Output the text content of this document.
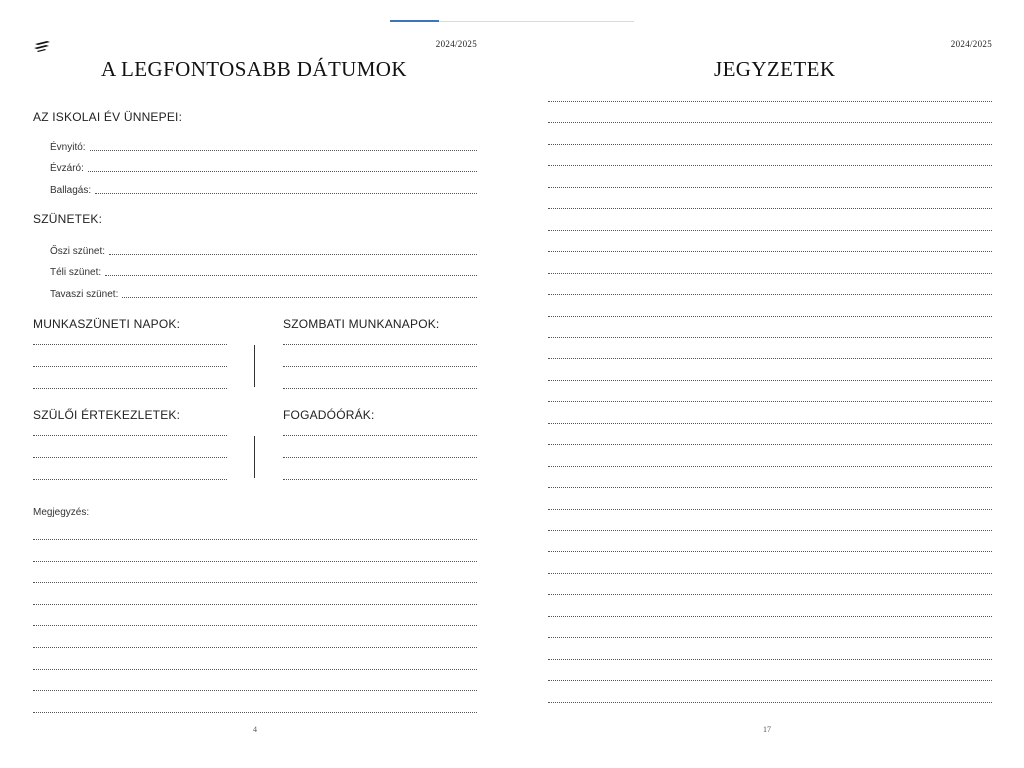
2024/2025
A LEGFONTOSABB DÁTUMOK
AZ ISKOLAI ÉV ÜNNEPEI:
Évnyitó:
Évzáró:
Ballagás:
SZÜNETEK:
Őszi szünet:
Téli szünet:
Tavaszi szünet:
MUNKASZÜNETI NAPOK:	SZOMBATI MUNKANAPOK:
SZÜLŐI ÉRTEKEZLETEK:	FOGADÓÓRÁK:
Megjegyzés:
4
2024/2025
JEGYZETEK
17
